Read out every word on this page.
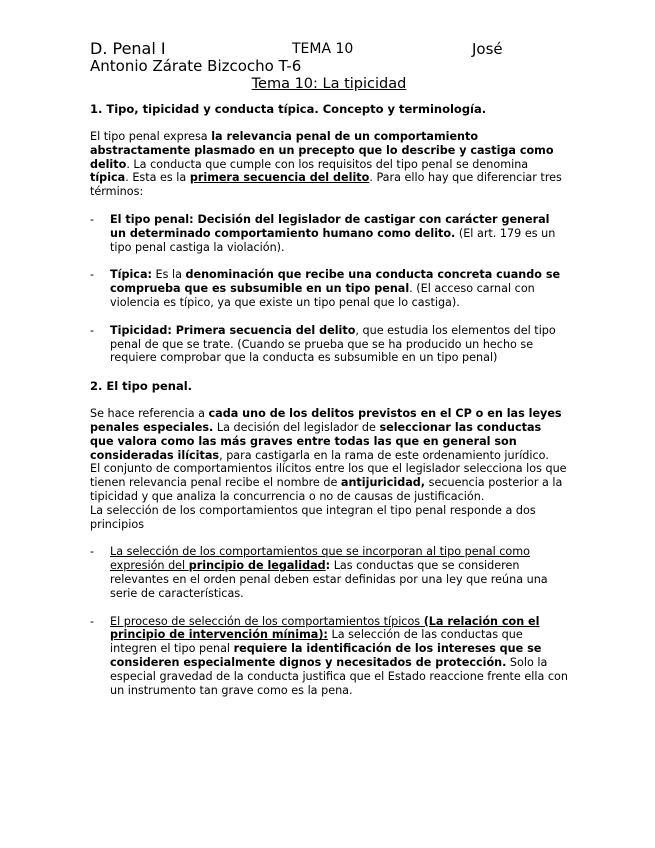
D. Penal I	TEMA 10	José
Antonio Zárate Bizcocho T-6
Tema 10: La tipicidad
1. Tipo, tipicidad y conducta típica. Concepto y terminología.

El tipo penal expresa la relevancia penal de un comportamiento abstractamente plasmado en un precepto que lo describe y castiga como delito. La conducta que cumple con los requisitos del tipo penal se denomina típica. Esta es la primera secuencia del delito. Para ello hay que diferenciar tres términos:

- El tipo penal: Decisión del legislador de castigar con carácter general un determinado comportamiento humano como delito. (El art. 179 es un tipo penal castiga la violación).
- Típica: Es la denominación que recibe una conducta concreta cuando se comprueba que es subsumible en un tipo penal. (El acceso carnal con violencia es típico, ya que existe un tipo penal que lo castiga).
- Tipicidad: Primera secuencia del delito, que estudia los elementos del tipo penal de que se trate. (Cuando se prueba que se ha producido un hecho se requiere comprobar que la conducta es subsumible en un tipo penal)
2. El tipo penal.

Se hace referencia a cada uno de los delitos previstos en el CP o en las leyes penales especiales. La decisión del legislador de seleccionar las conductas que valora como las más graves entre todas las que en general son consideradas ilícitas, para castigarla en la rama de este ordenamiento jurídico.

El conjunto de comportamientos ilícitos entre los que el legislador selecciona los que tienen relevancia penal recibe el nombre de antijuricidad, secuencia posterior a la tipicidad y que analiza la concurrencia o no de causas de justificación.

La selección de los comportamientos que integran el tipo penal responde a dos principios

- La selección de los comportamientos que se incorporan al tipo penal como expresión del principio de legalidad: Las conductas que se consideren relevantes en el orden penal deben estar definidas por una ley que reúna una serie de características.
- El proceso de selección de los comportamientos típicos (La relación con el principio de intervención mínima): La selección de las conductas que integren el tipo penal requiere la identificación de los intereses que se consideren especialmente dignos y necesitados de protección. Solo la especial gravedad de la conducta justifica que el Estado reaccione frente ella con un instrumento tan grave como es la pena.
